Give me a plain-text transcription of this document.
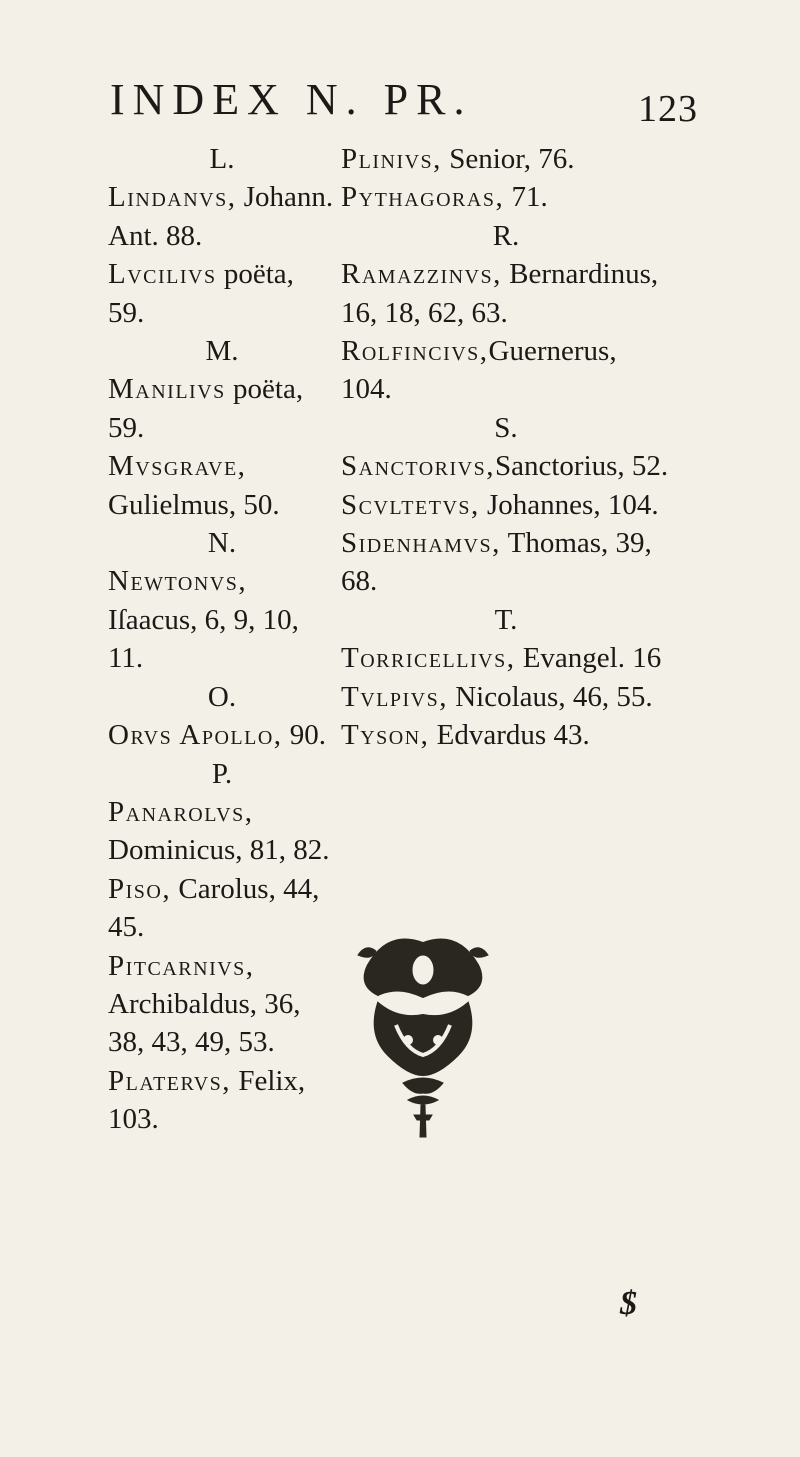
INDEX N. PR.	123

L.

Lindanvs, Johann. Ant. 88.

Lvcilivs poëta, 59.

M.

Manilivs poëta, 59.

Mvsgrave, Gulielmus, 50.

N.

Newtonvs, Iſaacus, 6, 9, 10, 11.

O.

Orvs Apollo, 90.

P.

Panarolvs, Dominicus, 81, 82.

Piso, Carolus, 44, 45.

Pitcarnivs, Archibaldus, 36, 38, 43, 49, 53.

Platervs, Felix, 103.

Plinivs, Senior, 76.

Pythagoras, 71.

R.

Ramazzinvs, Bernardinus, 16, 18, 62, 63.

Rolfincivs,Guernerus, 104.

S.

Sanctorivs,Sanctorius, 52.

Scvltetvs, Johannes, 104.

Sidenhamvs, Thomas, 39, 68.

T.

Torricellivs, Evangel. 16

Tvlpivs, Nicolaus, 46, 55.

Tyson, Edvardus 43.

$
